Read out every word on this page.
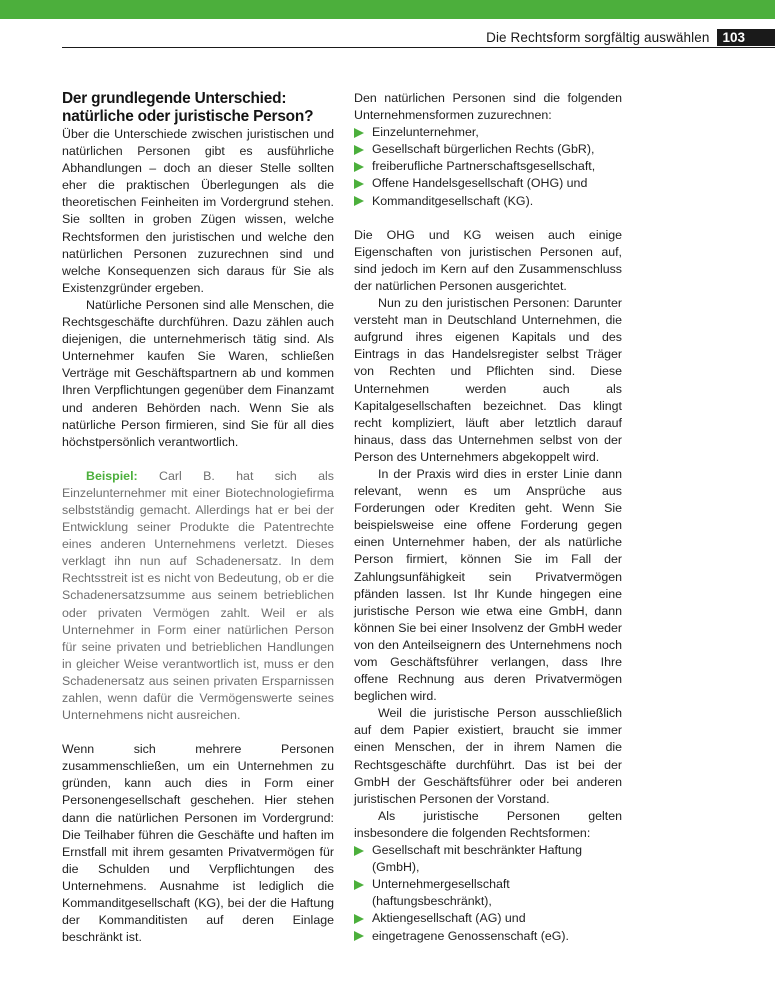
Die Rechtsform sorgfältig auswählen 103
Der grundlegende Unterschied:
natürliche oder juristische Person?

Über die Unterschiede zwischen juristischen und natürlichen Personen gibt es ausführliche Abhandlungen – doch an dieser Stelle sollten eher die praktischen Überlegungen als die theoretischen Feinheiten im Vordergrund stehen. Sie sollten in groben Zügen wissen, welche Rechtsformen den juristischen und welche den natürlichen Personen zuzurechnen sind und welche Konsequenzen sich daraus für Sie als Existenzgründer ergeben.

Natürliche Personen sind alle Menschen, die Rechtsgeschäfte durchführen. Dazu zählen auch diejenigen, die unternehmerisch tätig sind. Als Unternehmer kaufen Sie Waren, schließen Verträge mit Geschäftspartnern ab und kommen Ihren Verpflichtungen gegenüber dem Finanzamt und anderen Behörden nach. Wenn Sie als natürliche Person firmieren, sind Sie für all dies höchstpersönlich verantwortlich.

Beispiel: Carl B. hat sich als Einzelunternehmer mit einer Biotechnologiefirma selbstständig gemacht. Allerdings hat er bei der Entwicklung seiner Produkte die Patentrechte eines anderen Unternehmens verletzt. Dieses verklagt ihn nun auf Schadenersatz. In dem Rechtsstreit ist es nicht von Bedeutung, ob er die Schadenersatzsumme aus seinem betrieblichen oder privaten Vermögen zahlt. Weil er als Unternehmer in Form einer natürlichen Person für seine privaten und betrieblichen Handlungen in gleicher Weise verantwortlich ist, muss er den Schadenersatz aus seinen privaten Ersparnissen zahlen, wenn dafür die Vermögenswerte seines Unternehmens nicht ausreichen.

Wenn sich mehrere Personen zusammenschließen, um ein Unternehmen zu gründen, kann auch dies in Form einer Personengesellschaft geschehen. Hier stehen dann die natürlichen Personen im Vordergrund: Die Teilhaber führen die Geschäfte und haften im Ernstfall mit ihrem gesamten Privatvermögen für die Schulden und Verpflichtungen des Unternehmens. Ausnahme ist lediglich die Kommanditgesellschaft (KG), bei der die Haftung der Kommanditisten auf deren Einlage beschränkt ist.

Den natürlichen Personen sind die folgenden Unternehmensformen zuzurechnen:

Einzelunternehmer,
Gesellschaft bürgerlichen Rechts (GbR),
freiberufliche Partnerschaftsgesellschaft,
Offene Handelsgesellschaft (OHG) und
Kommanditgesellschaft (KG).

Die OHG und KG weisen auch einige Eigenschaften von juristischen Personen auf, sind jedoch im Kern auf den Zusammenschluss der natürlichen Personen ausgerichtet.

Nun zu den juristischen Personen: Darunter versteht man in Deutschland Unternehmen, die aufgrund ihres eigenen Kapitals und des Eintrags in das Handelsregister selbst Träger von Rechten und Pflichten sind. Diese Unternehmen werden auch als Kapitalgesellschaften bezeichnet. Das klingt recht kompliziert, läuft aber letztlich darauf hinaus, dass das Unternehmen selbst von der Person des Unternehmers abgekoppelt wird.

In der Praxis wird dies in erster Linie dann relevant, wenn es um Ansprüche aus Forderungen oder Krediten geht. Wenn Sie beispielsweise eine offene Forderung gegen einen Unternehmer haben, der als natürliche Person firmiert, können Sie im Fall der Zahlungsunfähigkeit sein Privatvermögen pfänden lassen. Ist Ihr Kunde hingegen eine juristische Person wie etwa eine GmbH, dann können Sie bei einer Insolvenz der GmbH weder von den Anteilseignern des Unternehmens noch vom Geschäftsführer verlangen, dass Ihre offene Rechnung aus deren Privatvermögen beglichen wird.

Weil die juristische Person ausschließlich auf dem Papier existiert, braucht sie immer einen Menschen, der in ihrem Namen die Rechtsgeschäfte durchführt. Das ist bei der GmbH der Geschäftsführer oder bei anderen juristischen Personen der Vorstand.

Als juristische Personen gelten insbesondere die folgenden Rechtsformen:

Gesellschaft mit beschränkter Haftung (GmbH),
Unternehmergesellschaft (haftungsbeschränkt),
Aktiengesellschaft (AG) und
eingetragene Genossenschaft (eG).
